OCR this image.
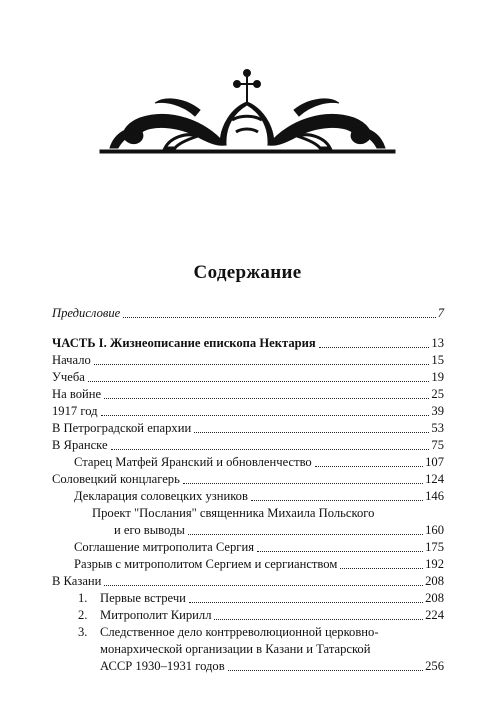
Содержание
Предисловие	7
ЧАСТЬ I. Жизнеописание епископа Нектария	13
Начало	15
Учеба	19
На войне	25
1917 год	39
В Петроградской епархии	53
В Яранске	75
Старец Матфей Яранский и обновленчество	107
Соловецкий концлагерь	124
Декларация соловецких узников	146
Проект "Послания" священника Михаила Польского
и его выводы	160
Соглашение митрополита Сергия	175
Разрыв с митрополитом Сергием и сергианством	192
В Казани	208
1. Первые встречи	208
2. Митрополит Кирилл	224
3. Следственное дело контрреволюционной церковно-
монархической организации в Казани и Татарской
АССР 1930–1931 годов	256
